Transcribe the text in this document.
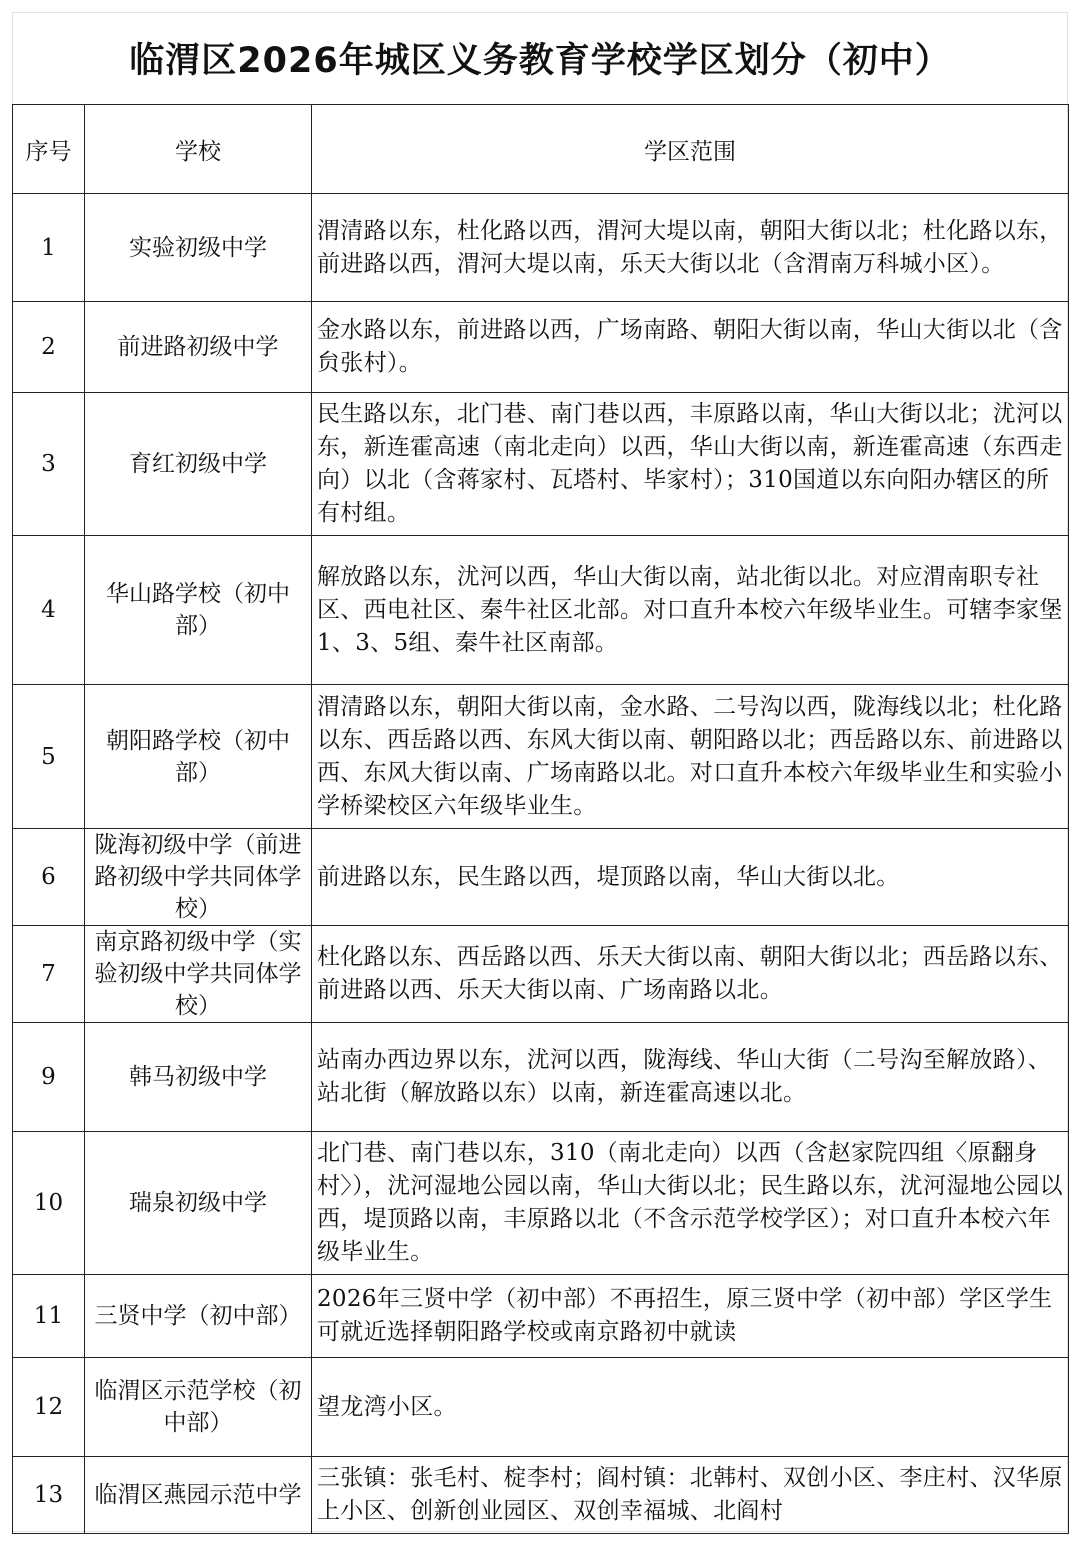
临渭区2026年城区义务教育学校学区划分（初中）
序号	学校	学区范围
1	实验初级中学	渭清路以东，杜化路以西，渭河大堤以南，朝阳大街以北；杜化路以东，前进路以西，渭河大堤以南，乐天大街以北（含渭南万科城小区）。
2	前进路初级中学	金水路以东，前进路以西，广场南路、朝阳大街以南，华山大街以北（含贠张村）。
3	育红初级中学	民生路以东，北门巷、南门巷以西，丰原路以南，华山大街以北；沋河以东，新连霍高速（南北走向）以西，华山大街以南，新连霍高速（东西走向）以北（含蒋家村、瓦塔村、毕家村）；310国道以东向阳办辖区的所有村组。
4	华山路学校（初中部）	解放路以东，沋河以西，华山大街以南，站北街以北。对应渭南职专社区、西电社区、秦牛社区北部。对口直升本校六年级毕业生。可辖李家堡1、3、5组、秦牛社区南部。
5	朝阳路学校（初中部）	渭清路以东，朝阳大街以南，金水路、二号沟以西，陇海线以北；杜化路以东、西岳路以西、东风大街以南、朝阳路以北；西岳路以东、前进路以西、东风大街以南、广场南路以北。对口直升本校六年级毕业生和实验小学桥梁校区六年级毕业生。
6	陇海初级中学（前进路初级中学共同体学校）	前进路以东，民生路以西，堤顶路以南，华山大街以北。
7	南京路初级中学（实验初级中学共同体学校）	杜化路以东、西岳路以西、乐天大街以南、朝阳大街以北；西岳路以东、前进路以西、乐天大街以南、广场南路以北。
9	韩马初级中学	站南办西边界以东，沋河以西，陇海线、华山大街（二号沟至解放路）、站北街（解放路以东）以南，新连霍高速以北。
10	瑞泉初级中学	北门巷、南门巷以东，310（南北走向）以西（含赵家院四组〈原翻身村〉），沋河湿地公园以南，华山大街以北；民生路以东，沋河湿地公园以西，堤顶路以南，丰原路以北（不含示范学校学区）；对口直升本校六年级毕业生。
11	三贤中学（初中部）	2026年三贤中学（初中部）不再招生，原三贤中学（初中部）学区学生可就近选择朝阳路学校或南京路初中就读
12	临渭区示范学校（初中部）	望龙湾小区。
13	临渭区燕园示范中学	三张镇：张毛村、椗李村；阎村镇：北韩村、双创小区、李庄村、汉华原上小区、创新创业园区、双创幸福城、北阎村
